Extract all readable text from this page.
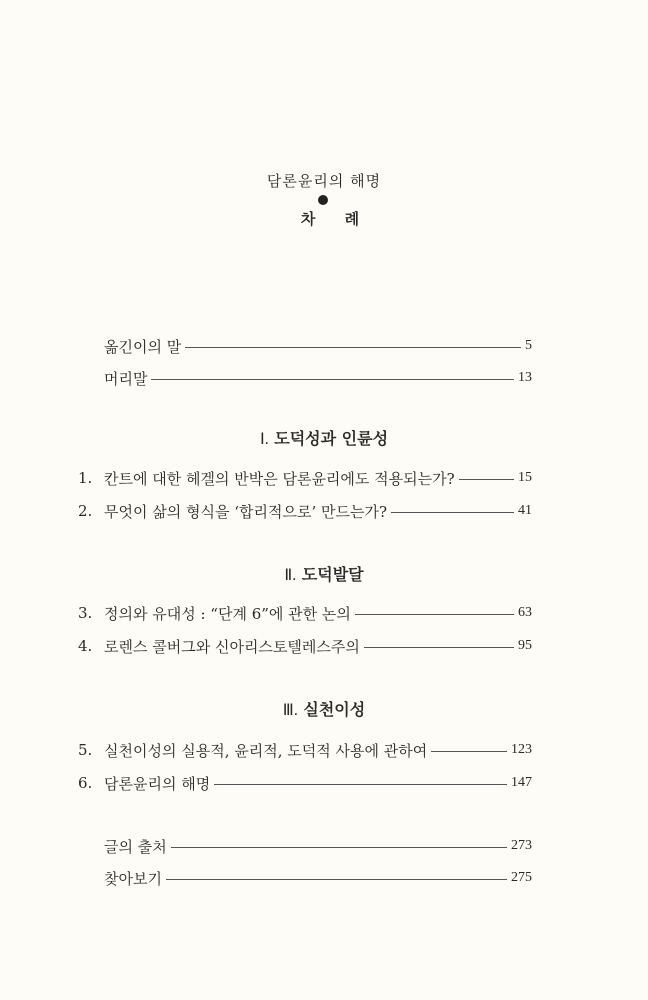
담론윤리의 해명
차 례
옮긴이의 말	5
머리말	13
Ⅰ. 도덕성과 인륜성
1. 칸트에 대한 헤겔의 반박은 담론윤리에도 적용되는가?	15
2. 무엇이 삶의 형식을 ‘합리적으로’ 만드는가?	41
Ⅱ. 도덕발달
3. 정의와 유대성 : “단계 6”에 관한 논의	63
4. 로렌스 콜버그와 신아리스토텔레스주의	95
Ⅲ. 실천이성
5. 실천이성의 실용적, 윤리적, 도덕적 사용에 관하여	123
6. 담론윤리의 해명	147
글의 출처	273
찾아보기	275
